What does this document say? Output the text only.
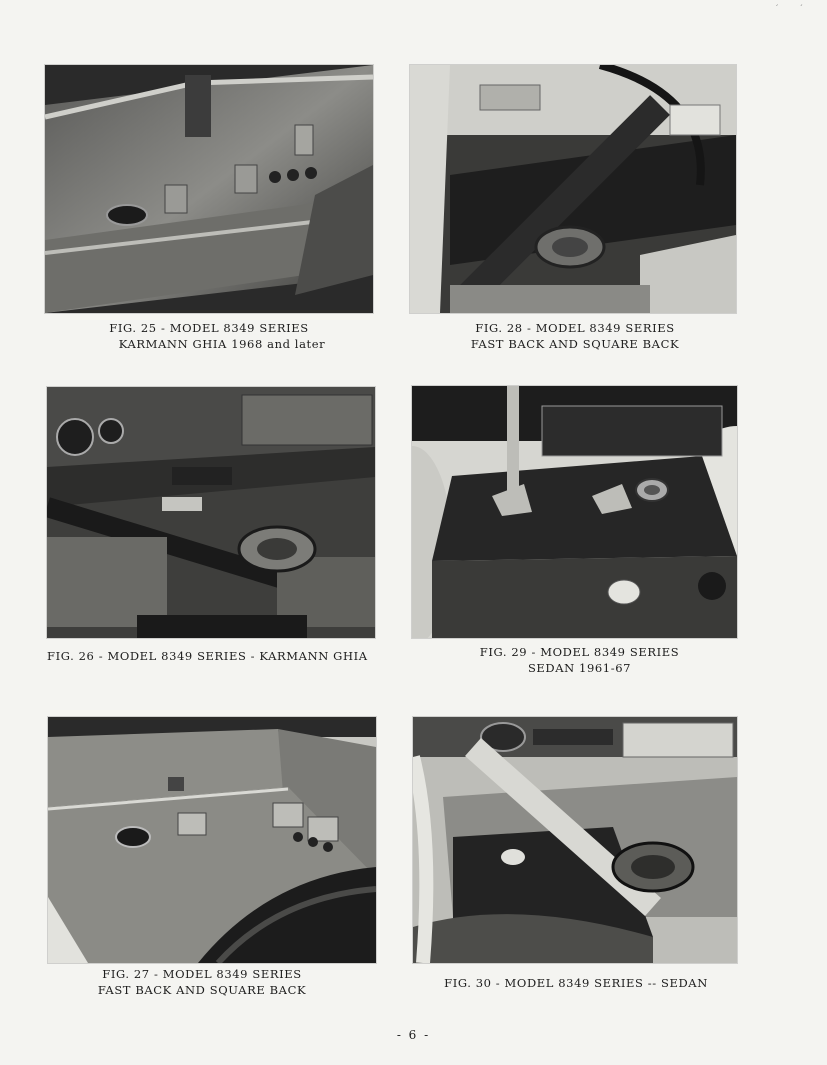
ˊ        ˊ
FIG. 25 - MODEL 8349 SERIES
KARMANN GHIA 1968 and later
FIG. 28 - MODEL 8349 SERIES
FAST BACK AND SQUARE BACK
FIG. 26 - MODEL 8349 SERIES - KARMANN GHIA	FIG. 29 - MODEL 8349 SERIES
SEDAN 1961-67
FIG. 27 - MODEL 8349 SERIES
FAST BACK AND SQUARE BACK	FIG. 30 - MODEL 8349 SERIES -- SEDAN
- 6 -
